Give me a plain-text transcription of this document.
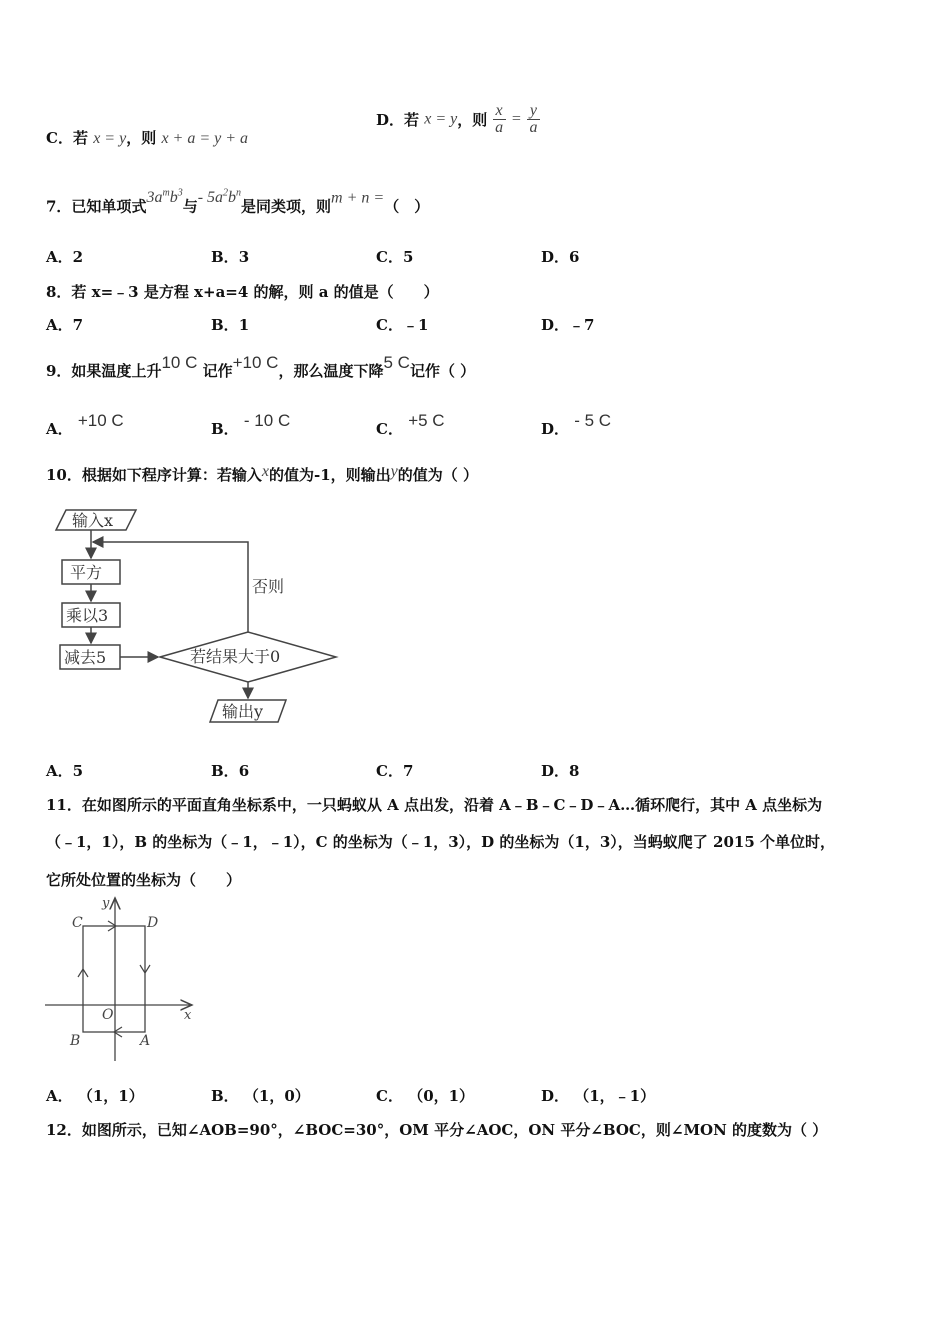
C．若 x = y，则 x + a = y + a
D．若 x = y，则 $\frac{x}{a} = \frac{y}{a}$
7．已知单项式$3a^mb^3$与- $5a^2b^n$是同类项，则m + n =（　）
A．2	B．3	C．5	D．6
8．若 x=﹣3 是方程 x+a=4 的解，则 a 的值是（　　）
A．7	B．1	C．﹣1	D．﹣7
9．如果温度上升10 C 记作+10 C，那么温度下降5 C记作（ ）
A． +10 C	B． - 10 C	C． +5 C	D． - 5 C
10．根据如下程序计算：若输入x的值为-1，则输出y的值为（ ）
输入x
平方
乘以3
减去5	若结果大于0
否则
输出y
A．5	B．6	C．7	D．8
11．在如图所示的平面直角坐标系中，一只蚂蚁从 A 点出发，沿着 A﹣B﹣C﹣D﹣A…循环爬行，其中 A 点坐标为
（﹣1，1），B 的坐标为（﹣1，﹣1），C 的坐标为（﹣1，3），D 的坐标为（1，3），当蚂蚁爬了 2015 个单位时，
它所处位置的坐标为（　　）
y
x
C	D
O
B	A
A． （1，1）	B． （1，0）	C． （0，1）	D． （1，﹣1）
12．如图所示，已知∠AOB=90°，∠BOC=30°，OM 平分∠AOC，ON 平分∠BOC，则∠MON 的度数为（ ）
